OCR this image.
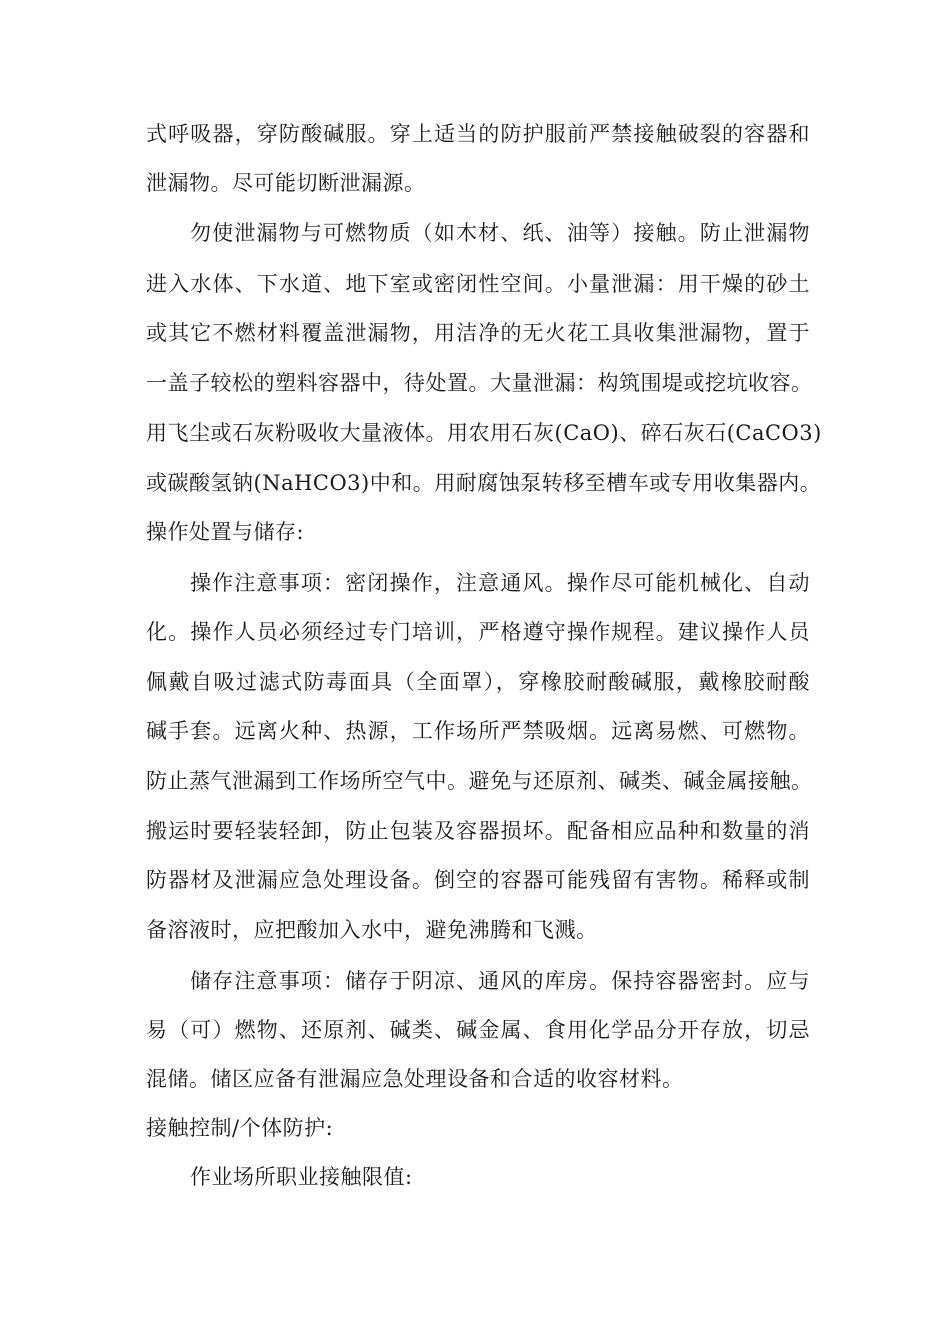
式呼吸器，穿防酸碱服。穿上适当的防护服前严禁接触破裂的容器和
泄漏物。尽可能切断泄漏源。
勿使泄漏物与可燃物质（如木材、纸、油等）接触。防止泄漏物
进入水体、下水道、地下室或密闭性空间。小量泄漏：用干燥的砂土
或其它不燃材料覆盖泄漏物，用洁净的无火花工具收集泄漏物，置于
一盖子较松的塑料容器中，待处置。大量泄漏：构筑围堤或挖坑收容。
用飞尘或石灰粉吸收大量液体。用农用石灰(CaO)、碎石灰石(CaCO3)
或碳酸氢钠(NaHCO3)中和。用耐腐蚀泵转移至槽车或专用收集器内。
操作处置与储存:
操作注意事项：密闭操作，注意通风。操作尽可能机械化、自动
化。操作人员必须经过专门培训，严格遵守操作规程。建议操作人员
佩戴自吸过滤式防毒面具（全面罩），穿橡胶耐酸碱服，戴橡胶耐酸
碱手套。远离火种、热源，工作场所严禁吸烟。远离易燃、可燃物。
防止蒸气泄漏到工作场所空气中。避免与还原剂、碱类、碱金属接触。
搬运时要轻装轻卸，防止包装及容器损坏。配备相应品种和数量的消
防器材及泄漏应急处理设备。倒空的容器可能残留有害物。稀释或制
备溶液时，应把酸加入水中，避免沸腾和飞溅。
储存注意事项：储存于阴凉、通风的库房。保持容器密封。应与
易（可）燃物、还原剂、碱类、碱金属、食用化学品分开存放，切忌
混储。储区应备有泄漏应急处理设备和合适的收容材料。
接触控制/个体防护:
作业场所职业接触限值:
